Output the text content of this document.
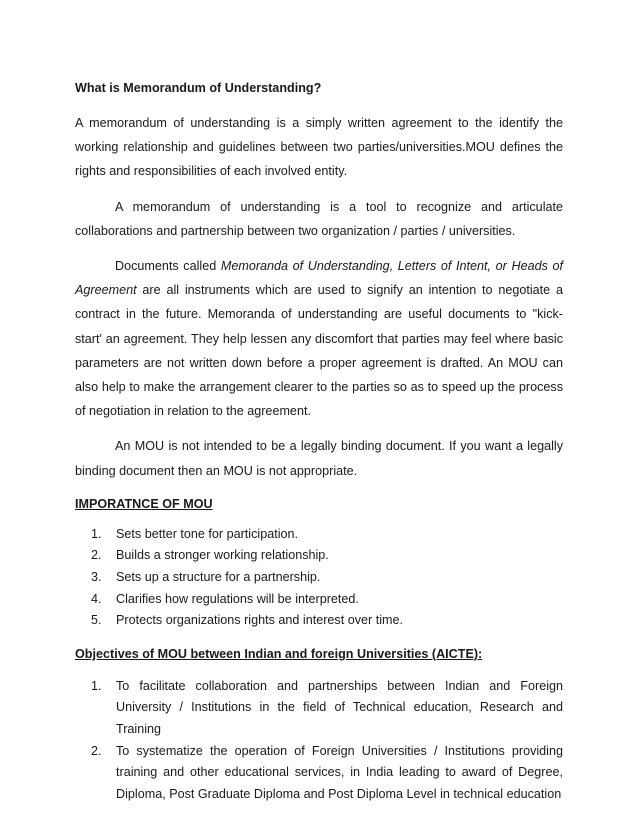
What is Memorandum of Understanding?

A memorandum of understanding is a simply written agreement to the identify the working relationship and guidelines between two parties/universities.MOU defines the rights and responsibilities of each involved entity.

A memorandum of understanding is a tool to recognize and articulate collaborations and partnership between two organization / parties / universities.

Documents called Memoranda of Understanding, Letters of Intent, or Heads of Agreement are all instruments which are used to signify an intention to negotiate a contract in the future. Memoranda of understanding are useful documents to "kick- start' an agreement. They help lessen any discomfort that parties may feel where basic parameters are not written down before a proper agreement is drafted. An MOU can also help to make the arrangement clearer to the parties so as to speed up the process of negotiation in relation to the agreement.

An MOU is not intended to be a legally binding document. If you want a legally binding document then an MOU is not appropriate.

IMPORATNCE OF MOU
1. Sets better tone for participation.
2. Builds a stronger working relationship.
3. Sets up a structure for a partnership.
4. Clarifies how regulations will be interpreted.
5. Protects organizations rights and interest over time.
Objectives of MOU between Indian and foreign Universities (AICTE):
1. To facilitate collaboration and partnerships between Indian and Foreign University / Institutions in the field of Technical education, Research and Training
2. To systematize the operation of Foreign Universities / Institutions providing training and other educational services, in India leading to award of Degree, Diploma, Post Graduate Diploma and Post Diploma Level in technical education
